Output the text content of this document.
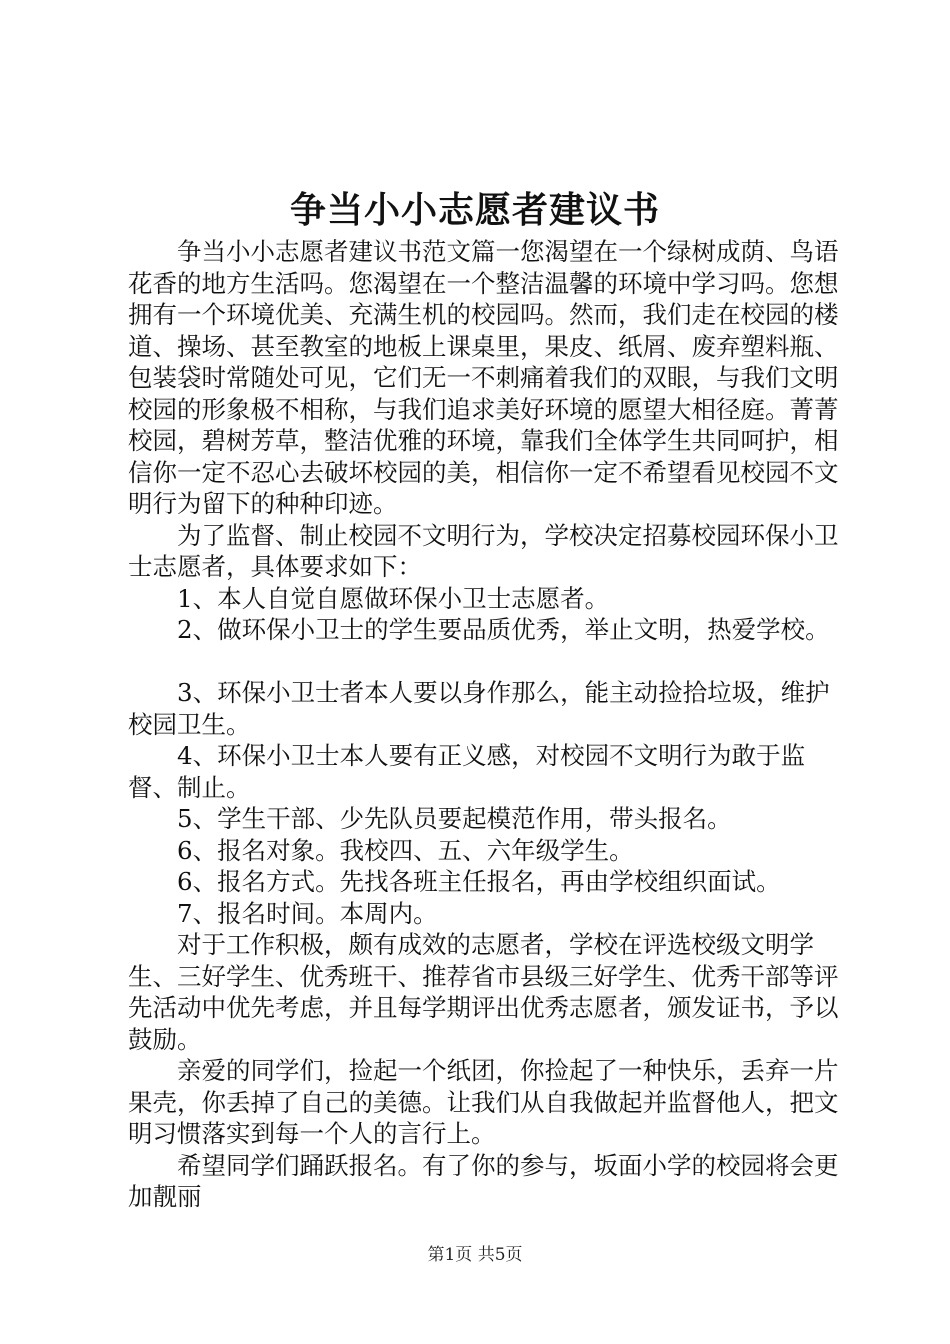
争当小小志愿者建议书

争当小小志愿者建议书范文篇一您渴望在一个绿树成荫、鸟语花香的地方生活吗。您渴望在一个整洁温馨的环境中学习吗。您想拥有一个环境优美、充满生机的校园吗。然而，我们走在校园的楼道、操场、甚至教室的地板上课桌里，果皮、纸屑、废弃塑料瓶、包装袋时常随处可见，它们无一不刺痛着我们的双眼，与我们文明校园的形象极不相称，与我们追求美好环境的愿望大相径庭。菁菁校园，碧树芳草，整洁优雅的环境，靠我们全体学生共同呵护，相信你一定不忍心去破坏校园的美，相信你一定不希望看见校园不文明行为留下的种种印迹。

为了监督、制止校园不文明行为，学校决定招募校园环保小卫士志愿者，具体要求如下：

1、本人自觉自愿做环保小卫士志愿者。

2、做环保小卫士的学生要品质优秀，举止文明，热爱学校。

3、环保小卫士者本人要以身作那么，能主动捡拾垃圾，维护校园卫生。

4、环保小卫士本人要有正义感，对校园不文明行为敢于监督、制止。

5、学生干部、少先队员要起模范作用，带头报名。

6、报名对象。我校四、五、六年级学生。

6、报名方式。先找各班主任报名，再由学校组织面试。

7、报名时间。本周内。

对于工作积极，颇有成效的志愿者，学校在评选校级文明学生、三好学生、优秀班干、推荐省市县级三好学生、优秀干部等评先活动中优先考虑，并且每学期评出优秀志愿者，颁发证书，予以鼓励。

亲爱的同学们，捡起一个纸团，你捡起了一种快乐，丢弃一片果壳，你丢掉了自己的美德。让我们从自我做起并监督他人，把文明习惯落实到每一个人的言行上。

希望同学们踊跃报名。有了你的参与，坂面小学的校园将会更加靓丽

第1页 共5页
